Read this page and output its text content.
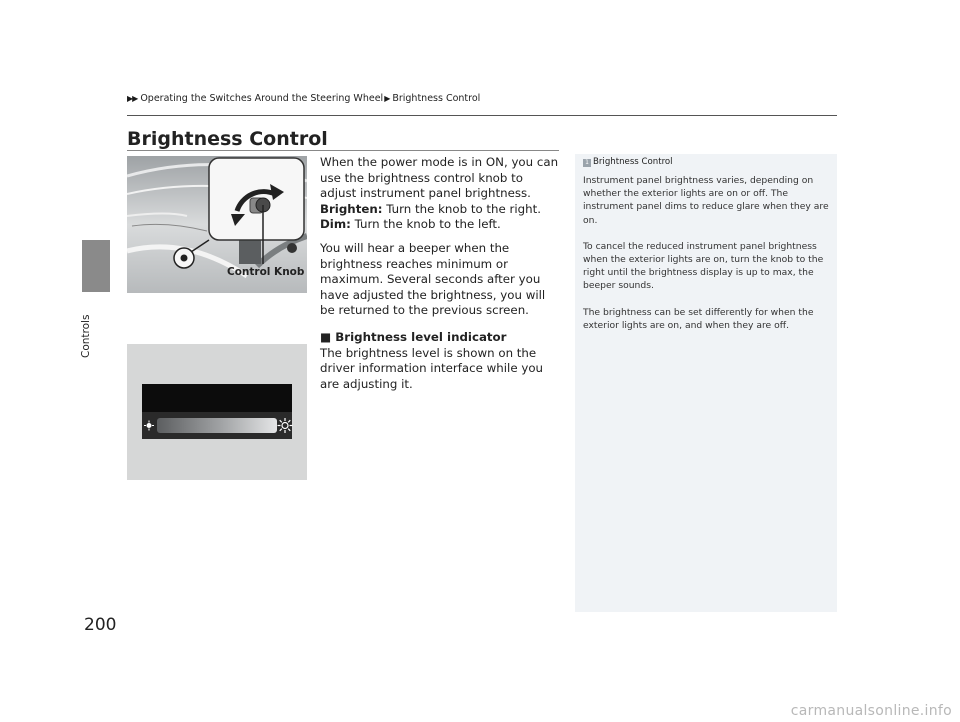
▶▶ Operating the Switches Around the Steering Wheel▶ Brightness Control
Controls
200
Brightness Control
Control Knob

When the power mode is in ON, you can use the brightness control knob to adjust instrument panel brightness.

Brighten: Turn the knob to the right.

Dim: Turn the knob to the left.

You will hear a beeper when the brightness reaches minimum or maximum. Several seconds after you have adjusted the brightness, you will be returned to the previous screen.

■ Brightness level indicator

The brightness level is shown on the driver information interface while you are adjusting it.

1 Brightness Control

Instrument panel brightness varies, depending on whether the exterior lights are on or off. The instrument panel dims to reduce glare when they are on.

To cancel the reduced instrument panel brightness when the exterior lights are on, turn the knob to the right until the brightness display is up to max, the beeper sounds.

The brightness can be set differently for when the exterior lights are on, and when they are off.

carmanualsonline.info
